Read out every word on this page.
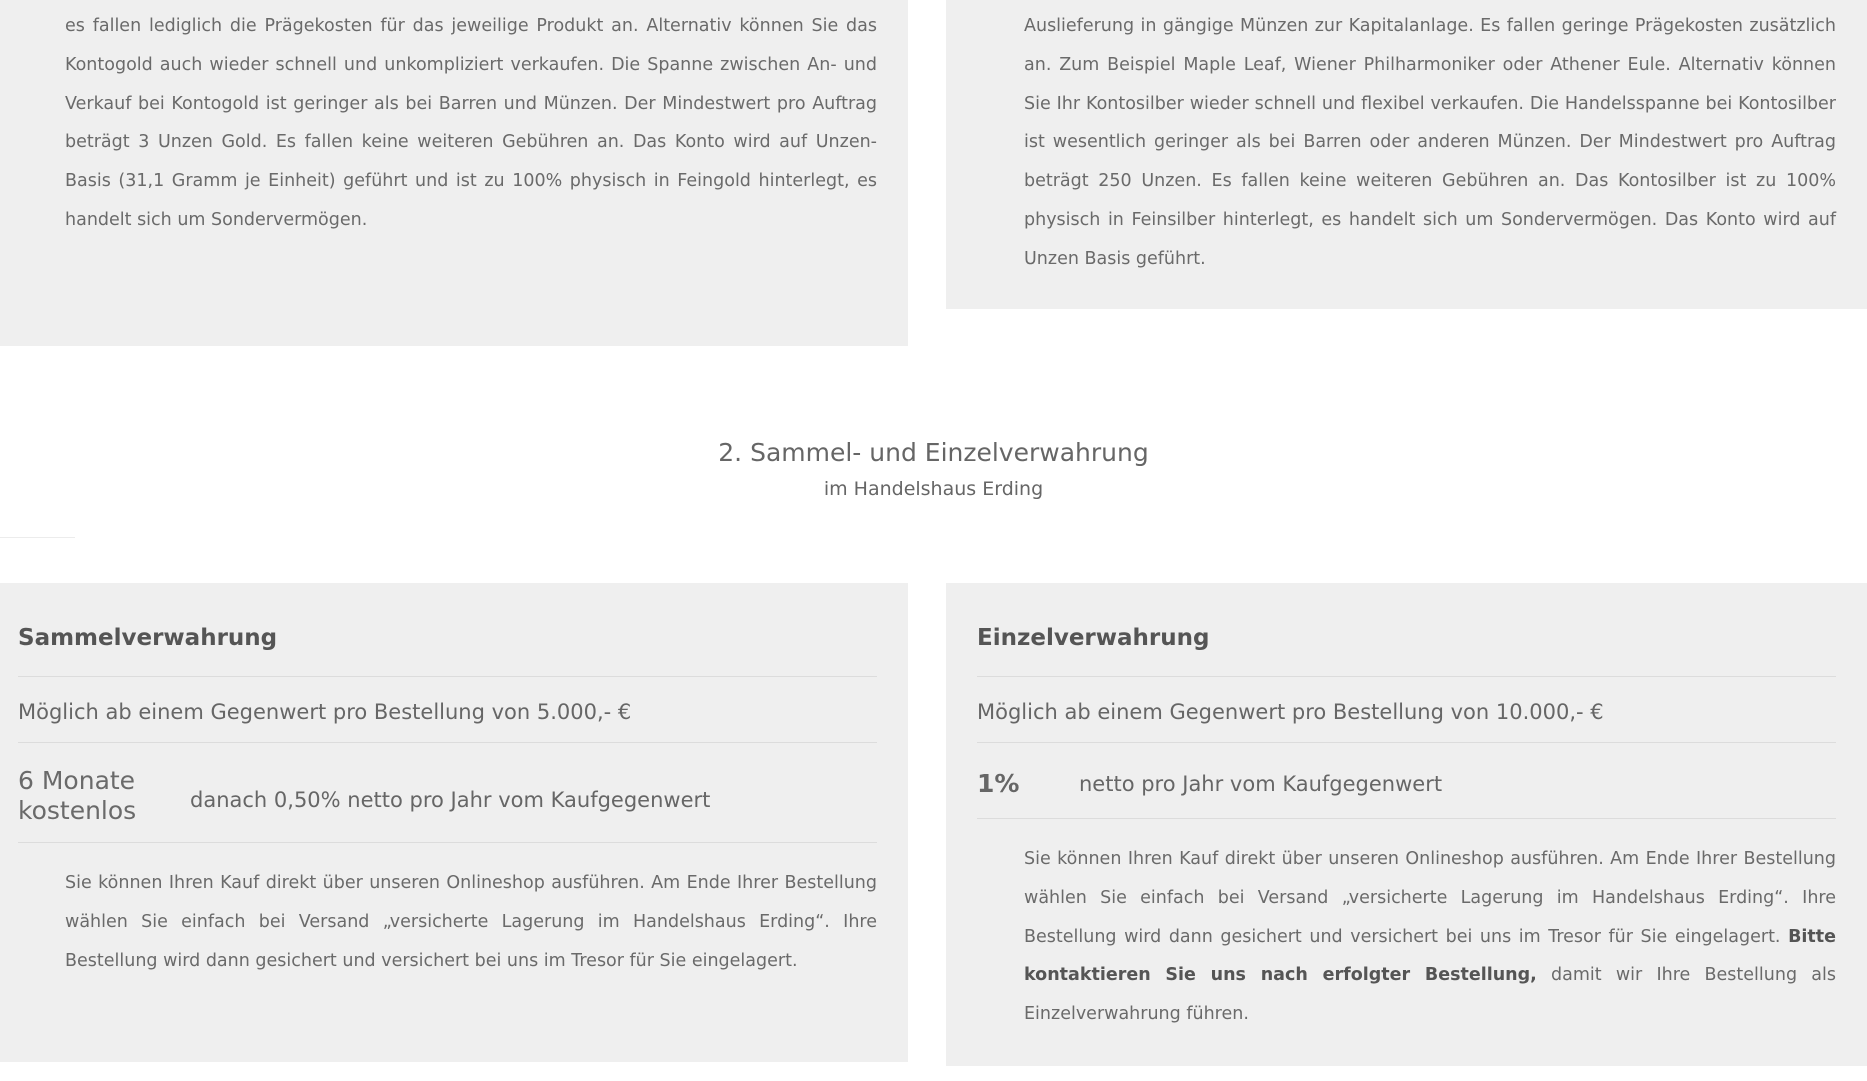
es fallen lediglich die Prägekosten für das jeweilige Produkt an. Alternativ können Sie das Kontogold auch wieder schnell und unkompliziert verkaufen. Die Spanne zwischen An- und Verkauf bei Kontogold ist geringer als bei Barren und Münzen. Der Mindestwert pro Auftrag beträgt 3 Unzen Gold. Es fallen keine weiteren Gebühren an. Das Konto wird auf Unzen-Basis (31,1 Gramm je Einheit) geführt und ist zu 100% physisch in Feingold hinterlegt, es handelt sich um Sondervermögen.
Auslieferung in gängige Münzen zur Kapitalanlage. Es fallen geringe Prägekosten zusätzlich an. Zum Beispiel Maple Leaf, Wiener Philharmoniker oder Athener Eule. Alternativ können Sie Ihr Kontosilber wieder schnell und flexibel verkaufen. Die Handelsspanne bei Kontosilber ist wesentlich geringer als bei Barren oder anderen Münzen. Der Mindestwert pro Auftrag beträgt 250 Unzen. Es fallen keine weiteren Gebühren an. Das Kontosilber ist zu 100% physisch in Feinsilber hinterlegt, es handelt sich um Sondervermögen. Das Konto wird auf Unzen Basis geführt.
2. Sammel- und Einzelverwahrung
im Handelshaus Erding
Sammelverwahrung
Möglich ab einem Gegenwert pro Bestellung von 5.000,- €
6 Monate
kostenlos	danach 0,50% netto pro Jahr vom Kaufgegenwert
Sie können Ihren Kauf direkt über unseren Onlineshop ausführen. Am Ende Ihrer Bestellung wählen Sie einfach bei Versand „versicherte Lagerung im Handelshaus Erding“. Ihre Bestellung wird dann gesichert und versichert bei uns im Tresor für Sie eingelagert.
Einzelverwahrung
Möglich ab einem Gegenwert pro Bestellung von 10.000,- €
1%	netto pro Jahr vom Kaufgegenwert
Sie können Ihren Kauf direkt über unseren Onlineshop ausführen. Am Ende Ihrer Bestellung wählen Sie einfach bei Versand „versicherte Lagerung im Handelshaus Erding“. Ihre Bestellung wird dann gesichert und versichert bei uns im Tresor für Sie eingelagert. Bitte kontaktieren Sie uns nach erfolgter Bestellung, damit wir Ihre Bestellung als Einzelverwahrung führen.
